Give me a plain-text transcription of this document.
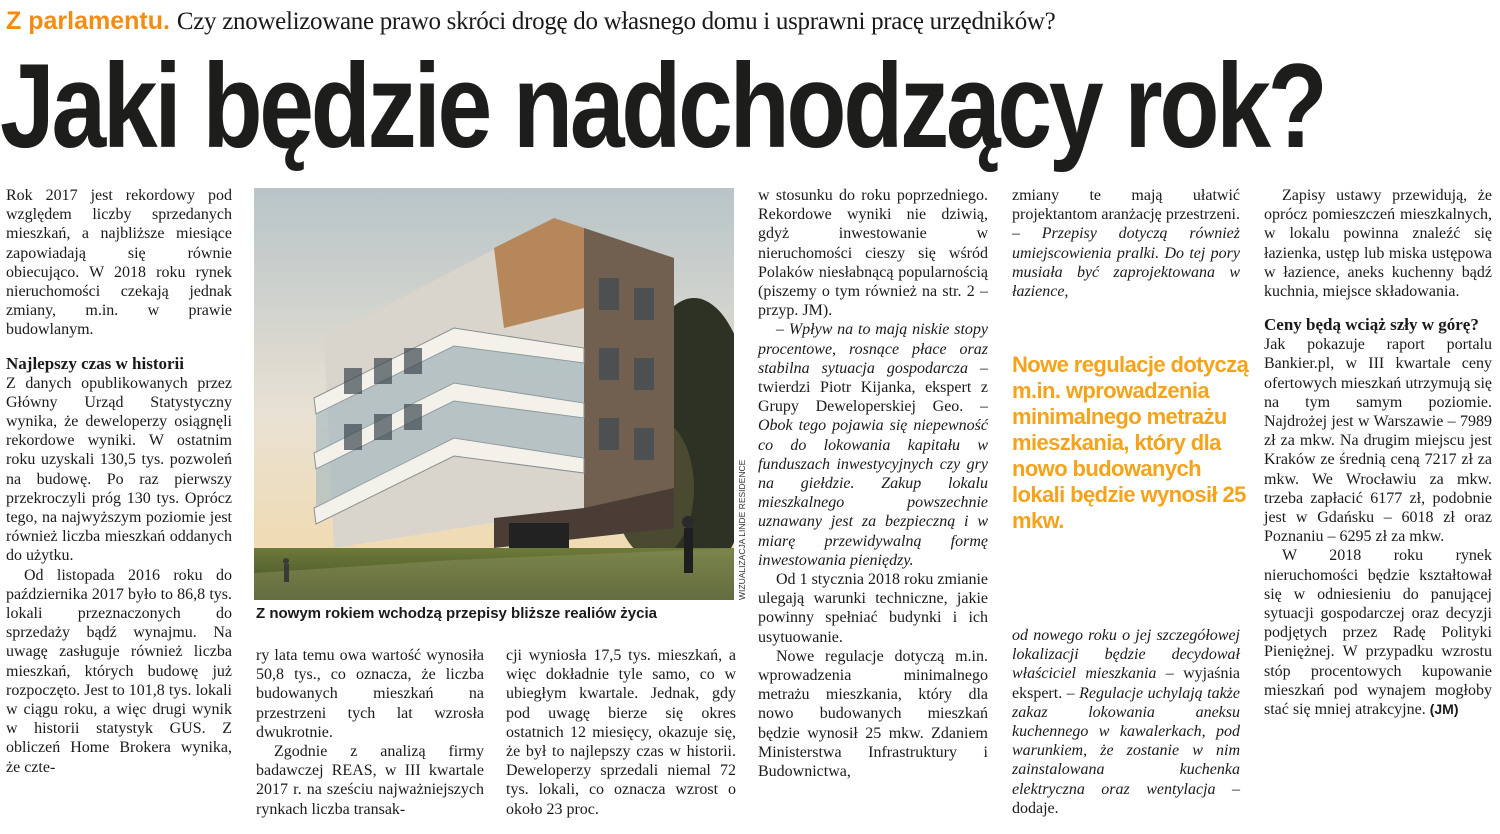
Z parlamentu. Czy znowelizowane prawo skróci drogę do własnego domu i usprawni pracę urzędników?
Jaki będzie nadchodzący rok?

Rok 2017 jest rekordowy pod względem liczby sprzedanych mieszkań, a najbliższe miesiące zapowiadają się równie obiecująco. W 2018 roku rynek nieruchomości czekają jednak zmiany, m.in. w prawie budowlanym.

Najlepszy czas w historii

Z danych opublikowanych przez Główny Urząd Statystyczny wynika, że deweloperzy osiągnęli rekordowe wyniki. W ostatnim roku uzyskali 130,5 tys. pozwoleń na budowę. Po raz pierwszy przekroczyli próg 130 tys. Oprócz tego, na najwyższym poziomie jest również liczba mieszkań oddanych do użytku.

Od listopada 2016 roku do października 2017 było to 86,8 tys. lokali przeznaczonych do sprzedaży bądź wynajmu. Na uwagę zasługuje również liczba mieszkań, których budowę już rozpoczęto. Jest to 101,8 tys. lokali w ciągu roku, a więc drugi wynik w historii statystyk GUS. Z obliczeń Home Brokera wynika, że czte-

WIZUALIZACJA LINDE RESIDENCE
Z nowym rokiem wchodzą przepisy bliższe realiów życia

ry lata temu owa wartość wynosiła 50,8 tys., co oznacza, że liczba budowanych mieszkań na przestrzeni tych lat wzrosła dwukrotnie.

Zgodnie z analizą firmy badawczej REAS, w III kwartale 2017 r. na sześciu najważniejszych rynkach liczba transak-

cji wyniosła 17,5 tys. mieszkań, a więc dokładnie tyle samo, co w ubiegłym kwartale. Jednak, gdy pod uwagę bierze się okres ostatnich 12 miesięcy, okazuje się, że był to najlepszy czas w historii. Deweloperzy sprzedali niemal 72 tys. lokali, co oznacza wzrost o około 23 proc.

w stosunku do roku poprzedniego. Rekordowe wyniki nie dziwią, gdyż inwestowanie w nieruchomości cieszy się wśród Polaków niesłabnącą popularnością (piszemy o tym również na str. 2 – przyp. JM).

– Wpływ na to mają niskie stopy procentowe, rosnące płace oraz stabilna sytuacja gospodarcza – twierdzi Piotr Kijanka, ekspert z Grupy Deweloperskiej Geo. – Obok tego pojawia się niepewność co do lokowania kapitału w funduszach inwestycyjnych czy gry na giełdzie. Zakup lokalu mieszkalnego powszechnie uznawany jest za bezpieczną i w miarę przewidywalną formę inwestowania pieniędzy.

Od 1 stycznia 2018 roku zmianie ulegają warunki techniczne, jakie powinny spełniać budynki i ich usytuowanie.

Nowe regulacje dotyczą m.in. wprowadzenia minimalnego metrażu mieszkania, który dla nowo budowanych mieszkań będzie wynosił 25 mkw. Zdaniem Ministerstwa Infrastruktury i Budownictwa,

zmiany te mają ułatwić projektantom aranżację przestrzeni. – Przepisy dotyczą również umiejscowienia pralki. Do tej pory musiała być zaprojektowana w łazience,

Nowe regulacje dotyczą m.in. wprowadzenia minimalnego metrażu mieszkania, który dla nowo budowanych lokali będzie wynosił 25 mkw.

od nowego roku o jej szczegółowej lokalizacji będzie decydował właściciel mieszkania – wyjaśnia ekspert. – Regulacje uchylają także zakaz lokowania aneksu kuchennego w kawalerkach, pod warunkiem, że zostanie w nim zainstalowana kuchenka elektryczna oraz wentylacja – dodaje.

Zapisy ustawy przewidują, że oprócz pomieszczeń mieszkalnych, w lokalu powinna znaleźć się łazienka, ustęp lub miska ustępowa w łazience, aneks kuchenny bądź kuchnia, miejsce składowania.

Ceny będą wciąż szły w górę?

Jak pokazuje raport portalu Bankier.pl, w III kwartale ceny ofertowych mieszkań utrzymują się na tym samym poziomie. Najdrożej jest w Warszawie – 7989 zł za mkw. Na drugim miejscu jest Kraków ze średnią ceną 7217 zł za mkw. We Wrocławiu za mkw. trzeba zapłacić 6177 zł, podobnie jest w Gdańsku – 6018 zł oraz Poznaniu – 6295 zł za mkw.

W 2018 roku rynek nieruchomości będzie kształtował się w odniesieniu do panującej sytuacji gospodarczej oraz decyzji podjętych przez Radę Polityki Pieniężnej. W przypadku wzrostu stóp procentowych kupowanie mieszkań pod wynajem mogłoby stać się mniej atrakcyjne. (JM)
